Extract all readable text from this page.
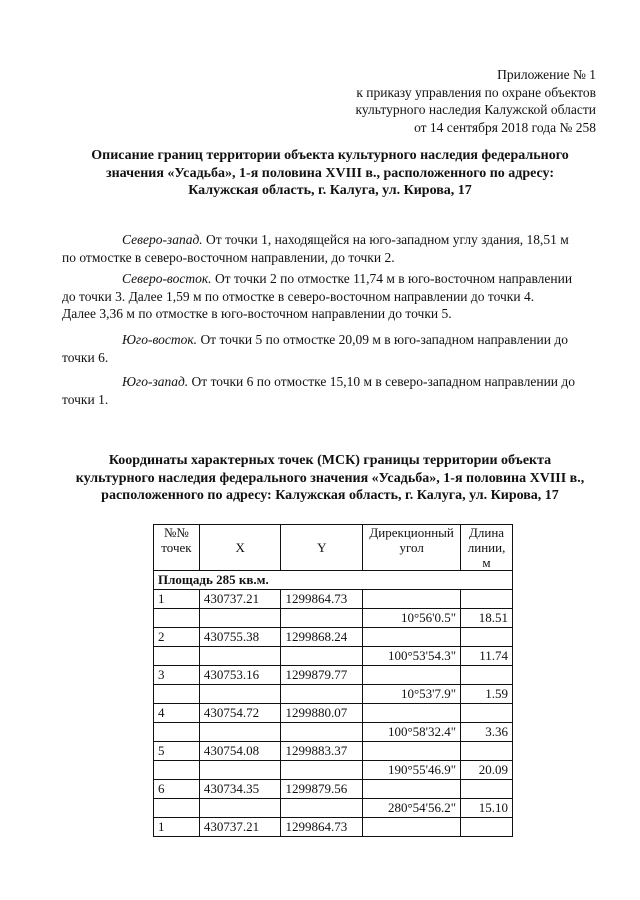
Приложение № 1
к приказу управления по охране объектов
культурного наследия Калужской области
от 14 сентября 2018 года № 258
Описание границ территории объекта культурного наследия федерального
значения «Усадьба», 1-я половина XVIII в., расположенного по адресу:
Калужская область, г. Калуга, ул. Кирова, 17
Северо-запад. От точки 1, находящейся на юго-западном углу здания, 18,51 м
по отмостке в северо-восточном направлении, до точки 2.
Северо-восток. От точки 2 по отмостке 11,74 м в юго-восточном направлении
до точки 3. Далее 1,59 м по отмостке в северо-восточном направлении до точки 4.
Далее 3,36 м по отмостке в юго-восточном направлении до точки 5.
Юго-восток. От точки 5 по отмостке 20,09 м в юго-западном направлении до
точки 6.
Юго-запад. От точки 6 по отмостке 15,10 м в северо-западном направлении до
точки 1.
Координаты характерных точек (МСК) границы территории объекта
культурного наследия федерального значения «Усадьба», 1-я половина XVIII в.,
расположенного по адресу: Калужская область, г. Калуга, ул. Кирова, 17
№№
точек	X	Y	Дирекционный
угол	Длина
линии, м
Площадь 285 кв.м.				
1	430737.21	1299864.73		
			10°56'0.5"	18.51
2	430755.38	1299868.24		
			100°53'54.3"	11.74
3	430753.16	1299879.77		
			10°53'7.9"	1.59
4	430754.72	1299880.07		
			100°58'32.4"	3.36
5	430754.08	1299883.37		
			190°55'46.9"	20.09
6	430734.35	1299879.56		
			280°54'56.2"	15.10
1	430737.21	1299864.73		
